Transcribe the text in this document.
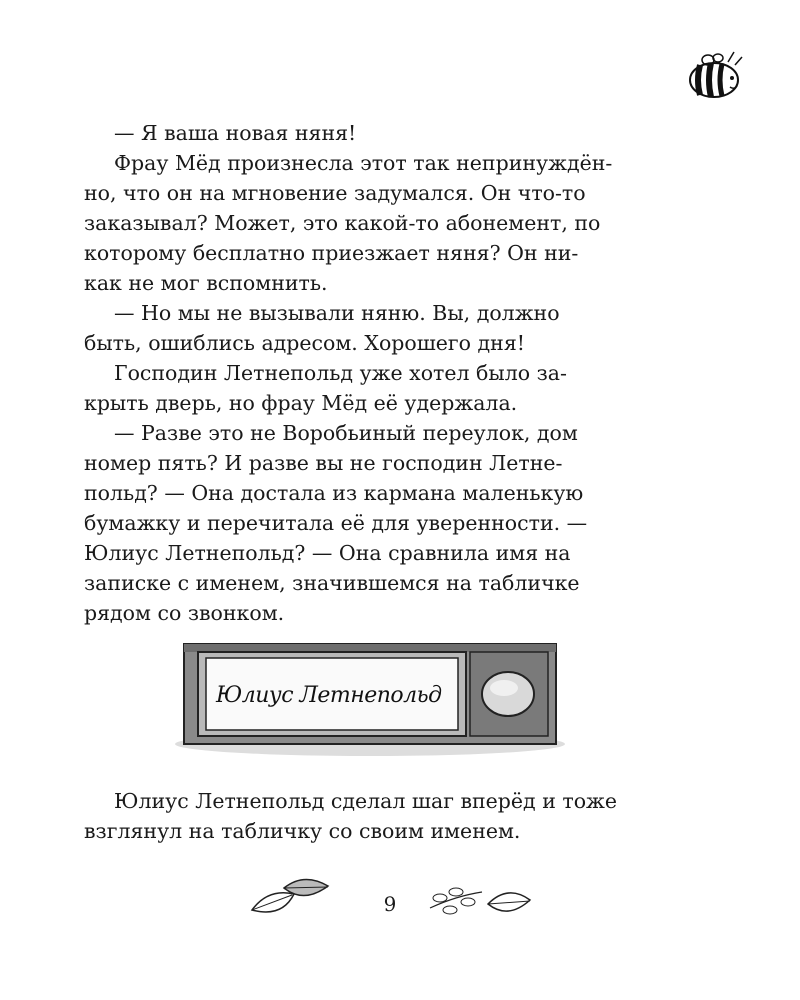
— Я ваша новая няня!

Фрау Мёд произнесла этот так непринуждён-
но, что он на мгновение задумался. Он что-то
заказывал? Может, это какой-то абонемент, по
которому бесплатно приезжает няня? Он ни-
как не мог вспомнить.

— Но мы не вызывали няню. Вы, должно
быть, ошиблись адресом. Хорошего дня!

Господин Летнепольд уже хотел было за-
крыть дверь, но фрау Мёд её удержала.

— Разве это не Воробьиный переулок, дом
номер пять? И разве вы не господин Летне-
польд? — Она достала из кармана маленькую
бумажку и перечитала её для уверенности. —
Юлиус Летнепольд? — Она сравнила имя на
записке с именем, значившемся на табличке
рядом со звонком.

Юлиус Летнепольд

Юлиус Летнепольд сделал шаг вперёд и тоже
взглянул на табличку со своим именем.

9
